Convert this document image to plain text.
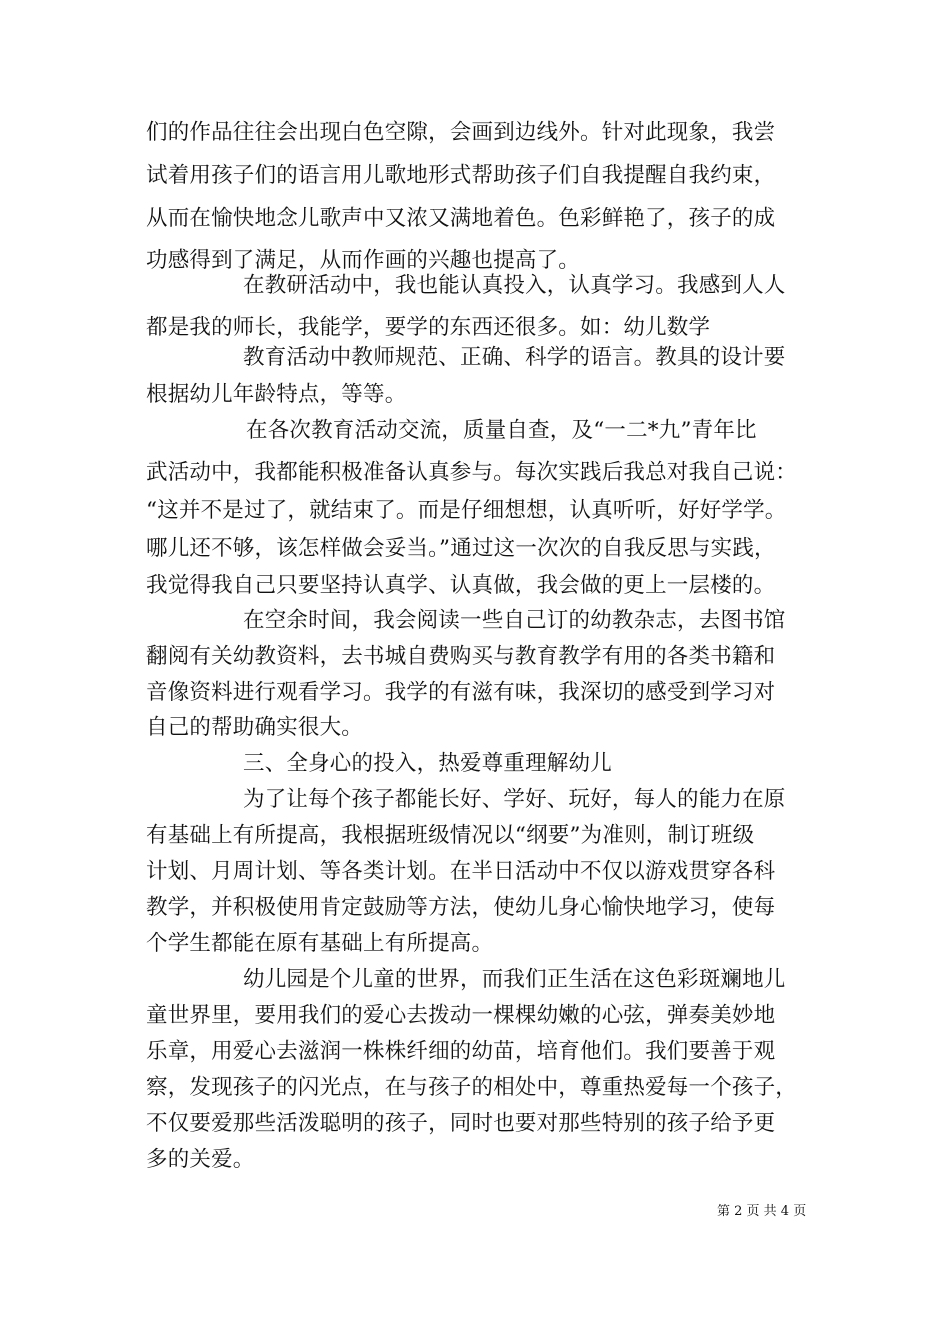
们的作品往往会出现白色空隙，会画到边线外。针对此现象，我尝
试着用孩子们的语言用儿歌地形式帮助孩子们自我提醒自我约束，
从而在愉快地念儿歌声中又浓又满地着色。色彩鲜艳了，孩子的成
功感得到了满足，从而作画的兴趣也提高了。
在教研活动中，我也能认真投入，认真学习。我感到人人
都是我的师长，我能学，要学的东西还很多。如：幼儿数学
教育活动中教师规范、正确、科学的语言。教具的设计要
根据幼儿年龄特点，等等。
在各次教育活动交流，质量自查，及“一二*九”青年比
武活动中，我都能积极准备认真参与。每次实践后我总对我自己说：
“这并不是过了，就结束了。而是仔细想想，认真听听，好好学学。
哪儿还不够，该怎样做会妥当。”通过这一次次的自我反思与实践，
我觉得我自己只要坚持认真学、认真做，我会做的更上一层楼的。
在空余时间，我会阅读一些自己订的幼教杂志，去图书馆
翻阅有关幼教资料，去书城自费购买与教育教学有用的各类书籍和
音像资料进行观看学习。我学的有滋有味，我深切的感受到学习对
自己的帮助确实很大。
三、全身心的投入，热爱尊重理解幼儿
为了让每个孩子都能长好、学好、玩好，每人的能力在原
有基础上有所提高，我根据班级情况以“纲要”为准则，制订班级
计划、月周计划、等各类计划。在半日活动中不仅以游戏贯穿各科
教学，并积极使用肯定鼓励等方法，使幼儿身心愉快地学习，使每
个学生都能在原有基础上有所提高。
幼儿园是个儿童的世界，而我们正生活在这色彩斑斓地儿
童世界里，要用我们的爱心去拨动一棵棵幼嫩的心弦，弹奏美妙地
乐章，用爱心去滋润一株株纤细的幼苗，培育他们。我们要善于观
察，发现孩子的闪光点，在与孩子的相处中，尊重热爱每一个孩子，
不仅要爱那些活泼聪明的孩子，同时也要对那些特别的孩子给予更
多的关爱。
第 2 页 共 4 页
